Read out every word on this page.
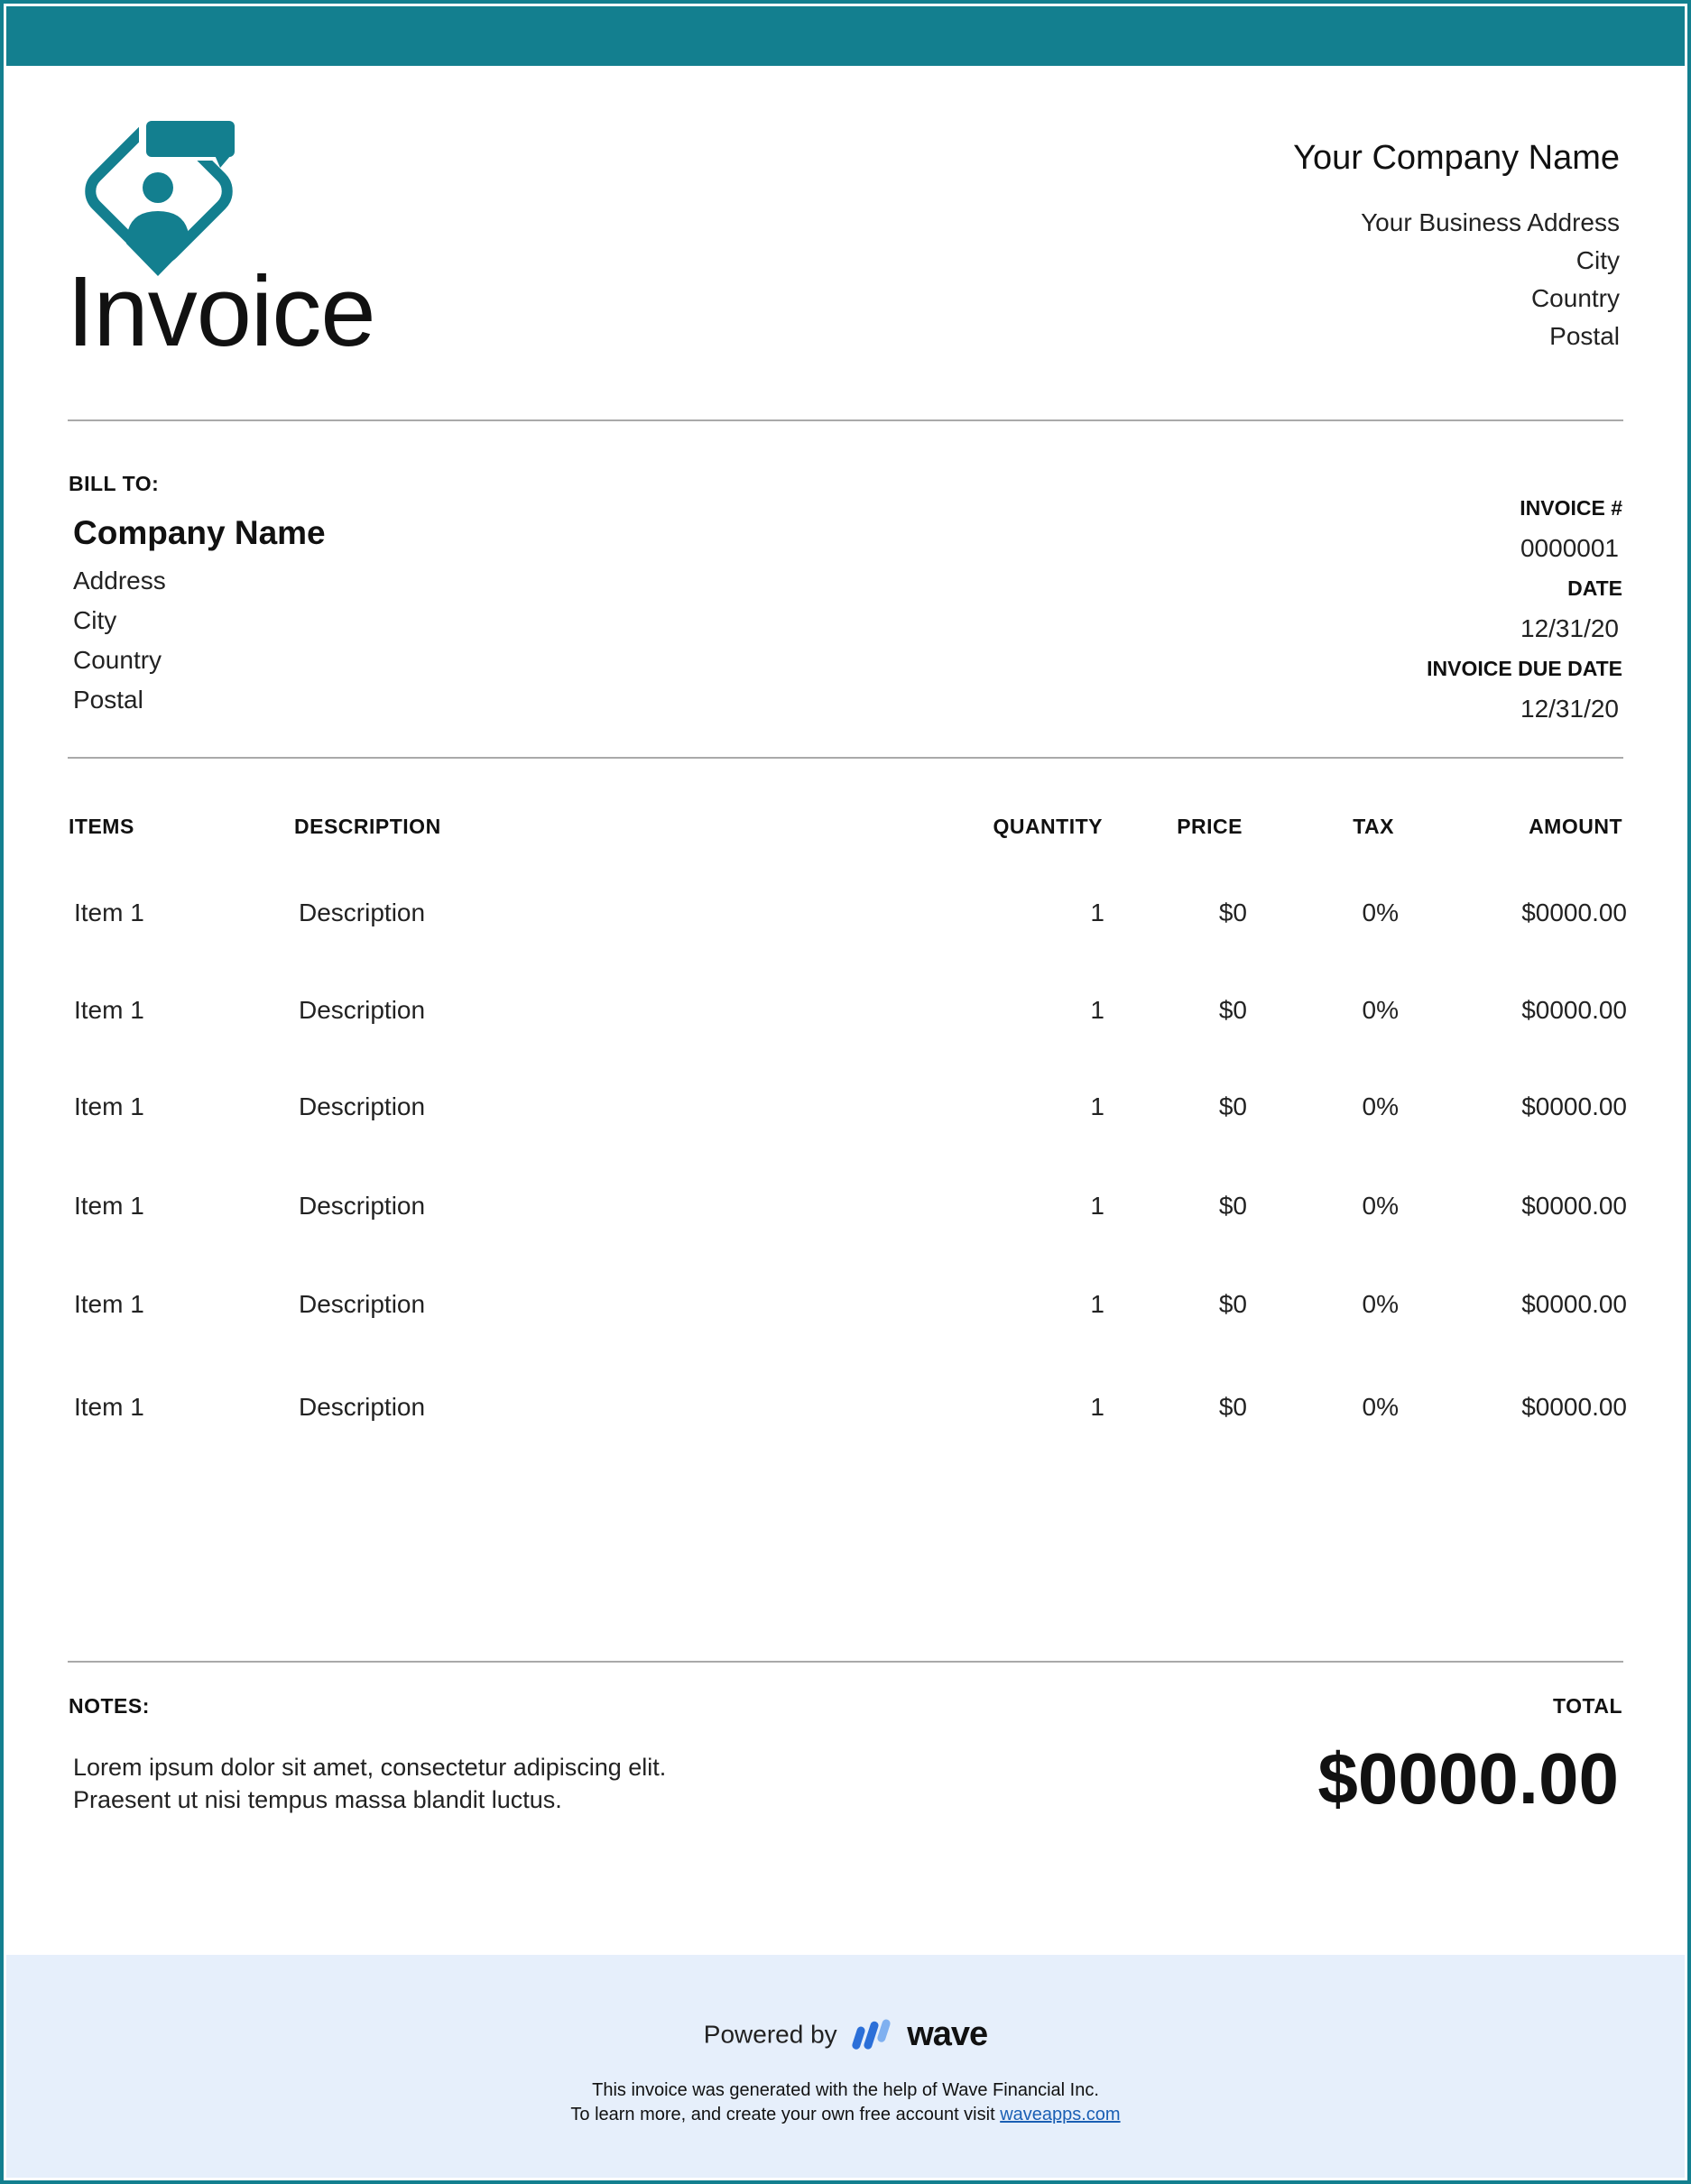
Invoice
Your Company Name
Your Business Address
City
Country
Postal
BILL TO:
Company Name
Address
City
Country
Postal
INVOICE #
0000001
DATE
12/31/20
INVOICE DUE DATE
12/31/20
ITEMS	DESCRIPTION	QUANTITY	PRICE	TAX	AMOUNT
Item 1	Description	1	$0	0%	$0000.00
Item 1	Description	1	$0	0%	$0000.00
Item 1	Description	1	$0	0%	$0000.00
Item 1	Description	1	$0	0%	$0000.00
Item 1	Description	1	$0	0%	$0000.00
Item 1	Description	1	$0	0%	$0000.00
NOTES:
Lorem ipsum dolor sit amet, consectetur adipiscing elit.
Praesent ut nisi tempus massa blandit luctus.
TOTAL
$0000.00
Powered by wave
This invoice was generated with the help of Wave Financial Inc.
To learn more, and create your own free account visit waveapps.com
